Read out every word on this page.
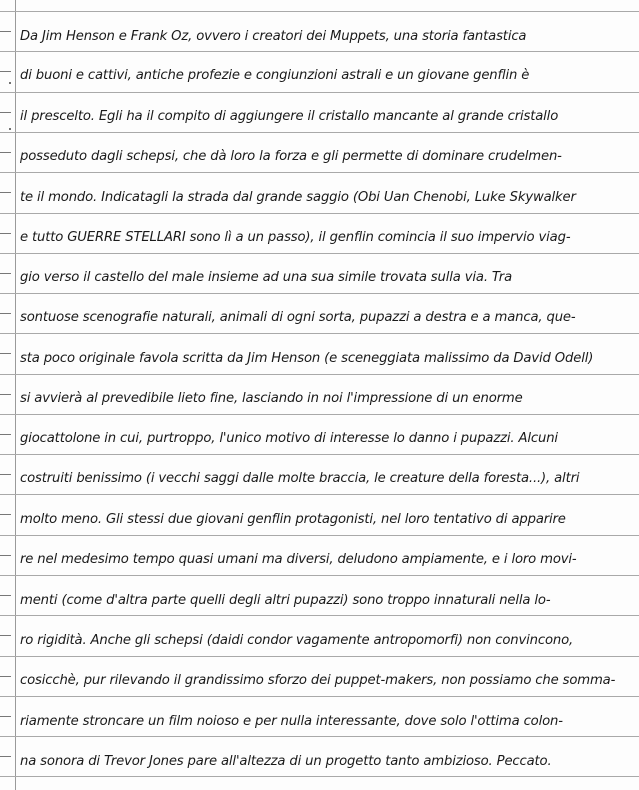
Da Jim Henson e Frank Oz, ovvero i creatori dei Muppets, una storia fantastica
di buoni e cattivi, antiche profezie e congiunzioni astrali e un giovane genflin è
il prescelto. Egli ha il compito di aggiungere il cristallo mancante al grande cristallo
posseduto dagli schepsi, che dà loro la forza e gli permette di dominare crudelmen-
te il mondo. Indicatagli la strada dal grande saggio (Obi Uan Chenobi, Luke Skywalker
e tutto GUERRE STELLARI sono lì a un passo), il genflin comincia il suo impervio viag-
gio verso il castello del male insieme ad una sua simile trovata sulla via. Tra
sontuose scenografie naturali, animali di ogni sorta, pupazzi a destra e a manca, que-
sta poco originale favola scritta da Jim Henson (e sceneggiata malissimo da David Odell)
si avvierà al prevedibile lieto fine, lasciando in noi l'impressione di un enorme
giocattolone in cui, purtroppo, l'unico motivo di interesse lo danno i pupazzi. Alcuni
costruiti benissimo (i vecchi saggi dalle molte braccia, le creature della foresta...), altri
molto meno. Gli stessi due giovani genflin protagonisti, nel loro tentativo di apparire
re nel medesimo tempo quasi umani ma diversi, deludono ampiamente, e i loro movi-
menti (come d'altra parte quelli degli altri pupazzi) sono troppo innaturali nella lo-
ro rigidità. Anche gli schepsi (daidi condor vagamente antropomorfi) non convincono,
cosicchè, pur rilevando il grandissimo sforzo dei puppet-makers, non possiamo che somma-
riamente stroncare un film noioso e per nulla interessante, dove solo l'ottima colon-
na sonora di Trevor Jones pare all'altezza di un progetto tanto ambizioso. Peccato.
